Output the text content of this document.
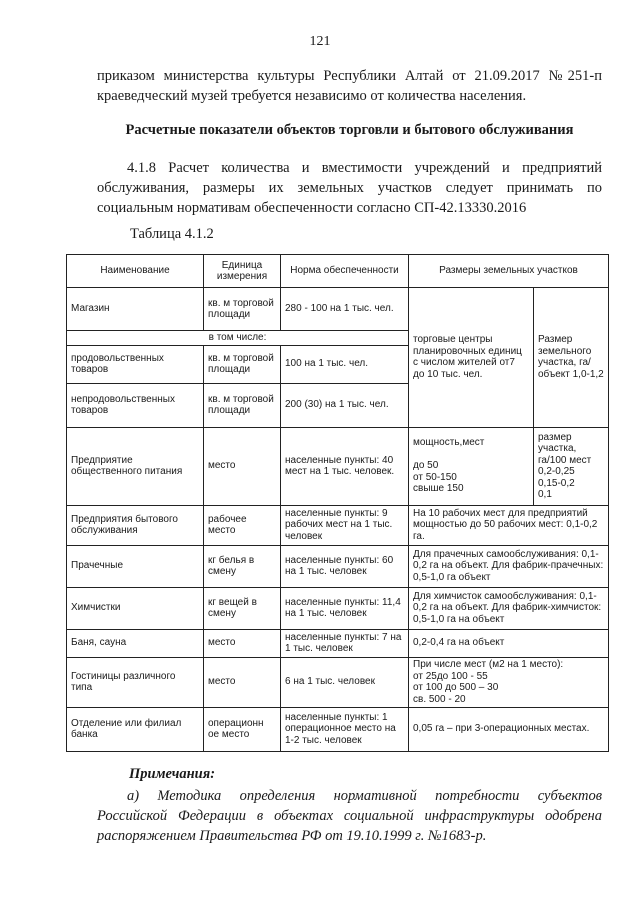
121

приказом министерства культуры Республики Алтай от 21.09.2017 №251-п краеведческий музей требуется независимо от количества населения.

Расчетные показатели объектов торговли и бытового обслуживания

4.1.8 Расчет количества и вместимости учреждений и предприятий обслуживания, размеры их земельных участков следует принимать по социальным нормативам обеспеченности согласно СП-42.13330.2016

Таблица 4.1.2
Наименование	Единица измерения	Норма обеспеченности	Размеры земельных участков	
Магазин	кв. м торговой площади	280 - 100 на 1 тыс. чел.	торговые центры планировочных единиц с числом жителей от7 до 10 тыс. чел.	Размер земельного участка, га/объект 1,0-1,2
в том числе:				
продовольственных товаров	кв. м торговой площади	100 на 1 тыс. чел.		
непродовольственных товаров	кв. м торговой площади	200 (30) на 1 тыс. чел.		
Предприятие общественного питания	место	населенные пункты: 40 мест на 1 тыс. человек.	мощность,мест

до 50
от 50-150
свыше 150	размер участка, га/100 мест
0,2-0,25
0,15-0,2
0,1
Предприятия бытового обслуживания	рабочее место	населенные пункты: 9 рабочих мест на 1 тыс. человек	На 10 рабочих мест для предприятий мощностью до 50 рабочих мест: 0,1-0,2 га.	
Прачечные	кг белья в смену	населенные пункты: 60 на 1 тыс. человек	Для прачечных самообслуживания: 0,1-0,2 га на объект. Для фабрик-прачечных: 0,5-1,0 га объект	
Химчистки	кг вещей в смену	населенные пункты: 11,4 на 1 тыс. человек	Для химчисток самообслуживания: 0,1-0,2 га на объект. Для фабрик-химчисток: 0,5-1,0 га на объект	
Баня, сауна	место	населенные пункты: 7 на 1 тыс. человек	0,2-0,4 га на объект	
Гостиницы различного типа	место	6 на 1 тыс. человек	При числе мест (м2 на 1 место):
от 25до 100 - 55
от 100 до 500 – 30
св. 500 - 20	
Отделение или филиал банка	операционн ое место	населенные пункты: 1 операционное место на 1-2 тыс. человек	0,05 га – при 3-операционных местах.	
Примечания:

а) Методика определения нормативной потребности субъектов Российской Федерации в объектах социальной инфраструктуры одобрена распоряжением Правительства РФ от 19.10.1999 г. №1683-р.
